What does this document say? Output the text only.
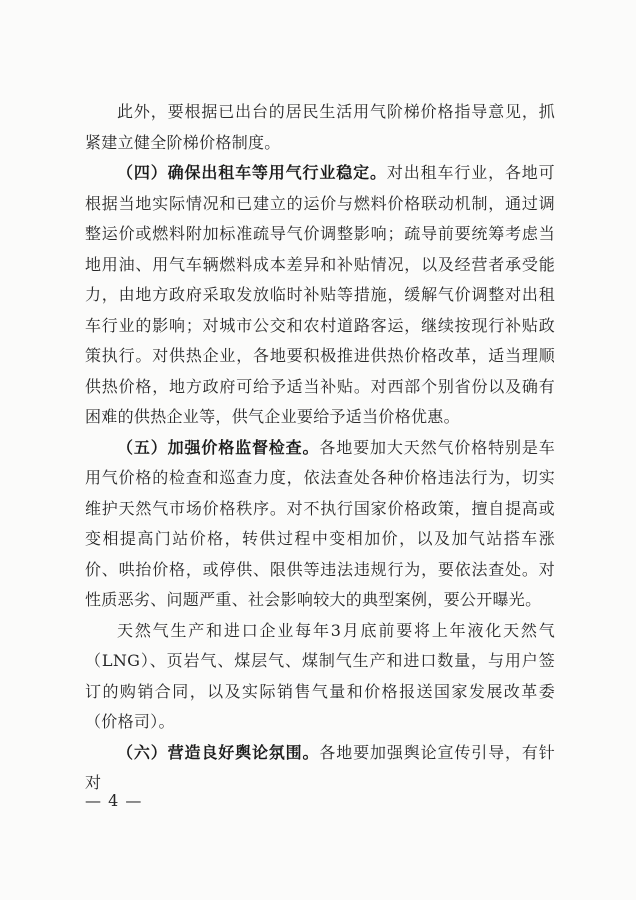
此外，要根据已出台的居民生活用气阶梯价格指导意见，抓紧建立健全阶梯价格制度。

（四）确保出租车等用气行业稳定。对出租车行业，各地可根据当地实际情况和已建立的运价与燃料价格联动机制，通过调整运价或燃料附加标准疏导气价调整影响；疏导前要统筹考虑当地用油、用气车辆燃料成本差异和补贴情况，以及经营者承受能力，由地方政府采取发放临时补贴等措施，缓解气价调整对出租车行业的影响；对城市公交和农村道路客运，继续按现行补贴政策执行。对供热企业，各地要积极推进供热价格改革，适当理顺供热价格，地方政府可给予适当补贴。对西部个别省份以及确有困难的供热企业等，供气企业要给予适当价格优惠。

（五）加强价格监督检查。各地要加大天然气价格特别是车用气价格的检查和巡查力度，依法查处各种价格违法行为，切实维护天然气市场价格秩序。对不执行国家价格政策，擅自提高或变相提高门站价格，转供过程中变相加价，以及加气站搭车涨价、哄抬价格，或停供、限供等违法违规行为，要依法查处。对性质恶劣、问题严重、社会影响较大的典型案例，要公开曝光。

天然气生产和进口企业每年3月底前要将上年液化天然气（LNG）、页岩气、煤层气、煤制气生产和进口数量，与用户签订的购销合同，以及实际销售气量和价格报送国家发展改革委（价格司）。

（六）营造良好舆论氛围。各地要加强舆论宣传引导，有针对

— 4 —
